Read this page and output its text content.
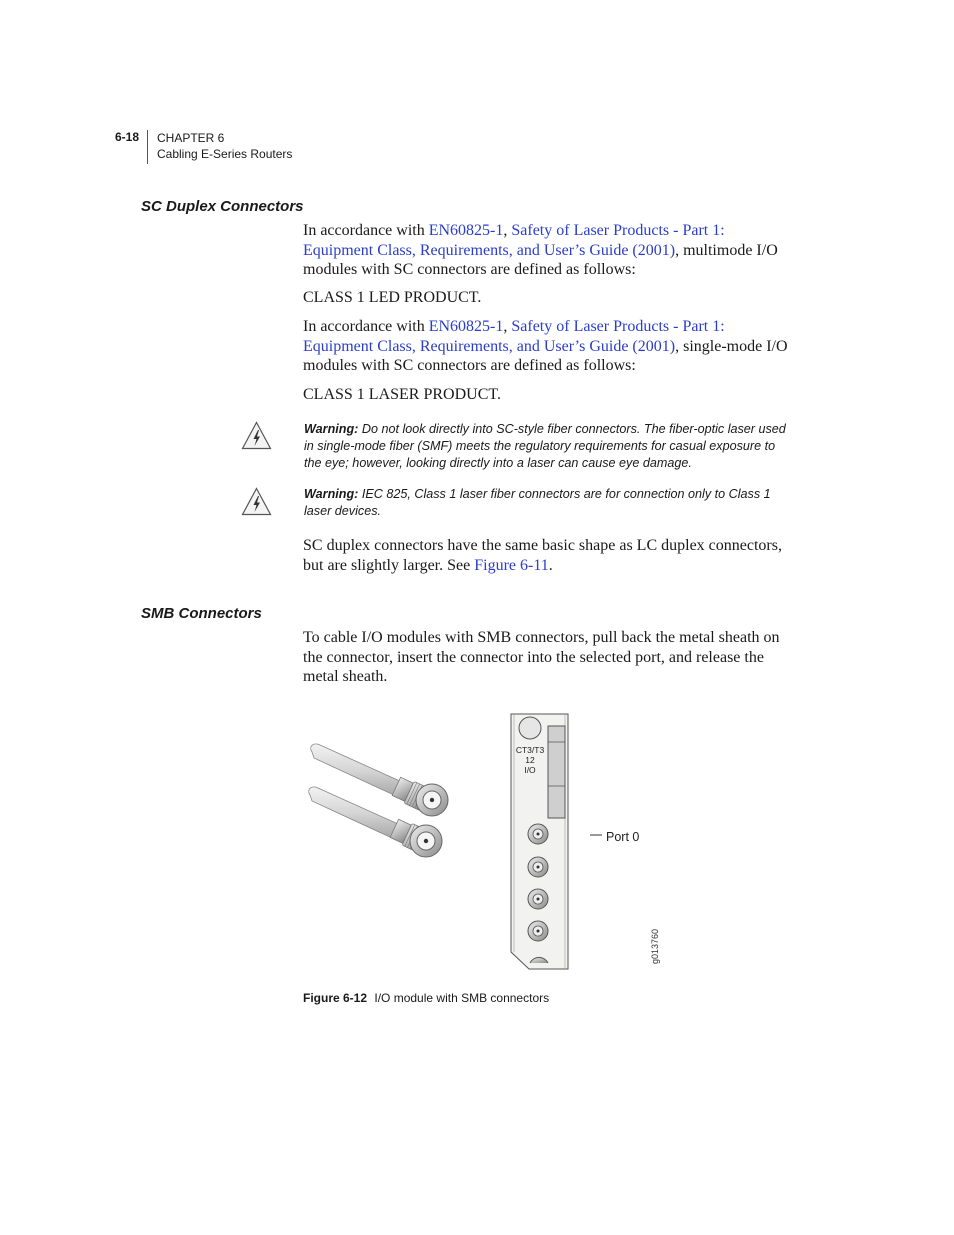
6-18 CHAPTER 6
Cabling E-Series Routers
SC Duplex Connectors
In accordance with EN60825-1, Safety of Laser Products - Part 1: Equipment Class, Requirements, and User’s Guide (2001), multimode I/O modules with SC connectors are defined as follows:
CLASS 1 LED PRODUCT.
In accordance with EN60825-1, Safety of Laser Products - Part 1: Equipment Class, Requirements, and User’s Guide (2001), single-mode I/O modules with SC connectors are defined as follows:
CLASS 1 LASER PRODUCT.
Warning: Do not look directly into SC-style fiber connectors. The fiber-optic laser used in single-mode fiber (SMF) meets the regulatory requirements for casual exposure to the eye; however, looking directly into a laser can cause eye damage.
Warning: IEC 825, Class 1 laser fiber connectors are for connection only to Class 1 laser devices.
SC duplex connectors have the same basic shape as LC duplex connectors, but are slightly larger. See Figure 6-11.
SMB Connectors
To cable I/O modules with SMB connectors, pull back the metal sheath on the connector, insert the connector into the selected port, and release the metal sheath.
CT3/T3
12
I/O
Port 0
g013760
Figure 6-12 I/O module with SMB connectors
